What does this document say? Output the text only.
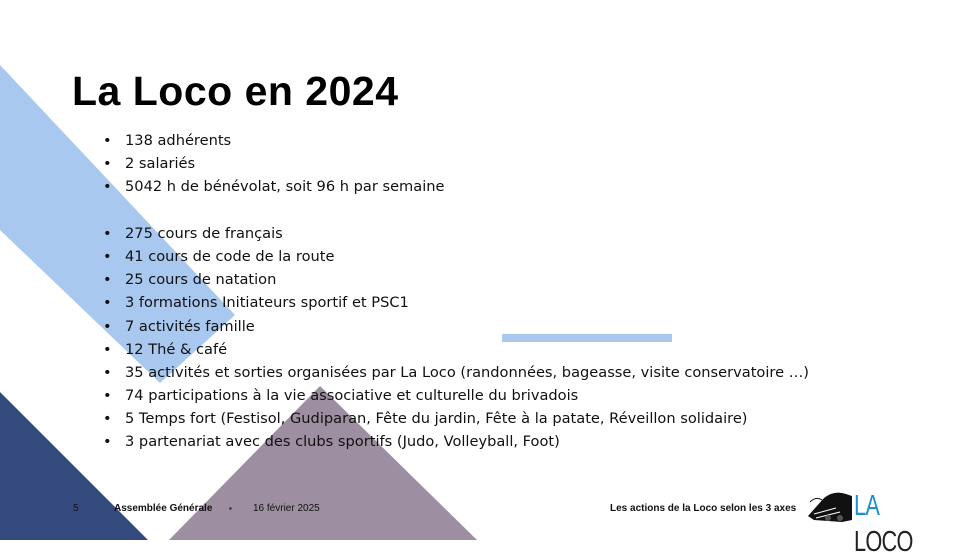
La Loco en 2024
• 138 adhérents
• 2 salariés
• 5042 h de bénévolat, soit 96 h par semaine
• 275 cours de français
• 41 cours de code de la route
• 25 cours de natation
• 3 formations Initiateurs sportif et PSC1
• 7 activités famille
• 12 Thé & café
• 35 activités et sorties organisées par La Loco (randonnées, bageasse, visite conservatoire …)
• 74 participations à la vie associative et culturelle du brivadois
• 5 Temps fort (Festisol, Gudiparan, Fête du jardin, Fête à la patate, Réveillon solidaire)
• 3 partenariat avec des clubs sportifs (Judo, Volleyball, Foot)
5	Assemblée Générale ▪ 16 février 2025	Les actions de la Loco selon les 3 axes LA LOCO
